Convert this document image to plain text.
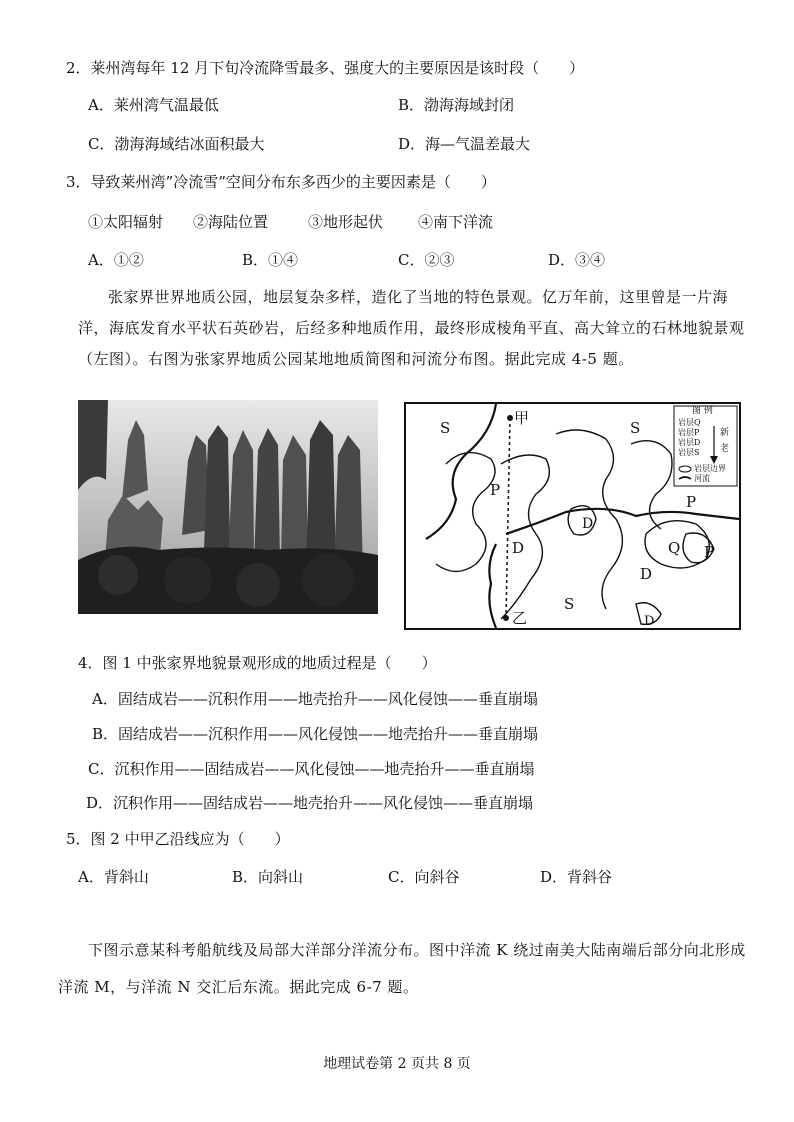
2．莱州湾每年 12 月下旬冷流降雪最多、强度大的主要原因是该时段（　　）
A．莱州湾气温最低	B．渤海海域封闭
C．渤海海域结冰面积最大	D．海—气温差最大
3．导致莱州湾”冷流雪”空间分布东多西少的主要因素是（　　）
①太阳辐射 ②海陆位置	③地形起伏 ④南下洋流
A．①②	B．①④	C．②③	D．③④
张家界世界地质公园，地层复杂多样，造化了当地的特色景观。亿万年前，这里曾是一片海洋，海底发育水平状石英砂岩，后经多种地质作用，最终形成棱角平直、高大耸立的石林地貌景观（左图）。右图为张家界地质公园某地地质简图和河流分布图。据此完成 4-5 题。
图 例
岩层Q
岩层P
岩层D
岩层S
岩层边界
河流
新
老
甲
乙
S	S
P
P
D
D	Q P
D
S
D
4．图 1 中张家界地貌景观形成的地质过程是（　　）
A．固结成岩——沉积作用——地壳抬升——风化侵蚀——垂直崩塌
B．固结成岩——沉积作用——风化侵蚀——地壳抬升——垂直崩塌
C．沉积作用——固结成岩——风化侵蚀——地壳抬升——垂直崩塌
D．沉积作用——固结成岩——地壳抬升——风化侵蚀——垂直崩塌
5．图 2 中甲乙沿线应为（　　）
A．背斜山	B．向斜山	C．向斜谷	D．背斜谷
下图示意某科考船航线及局部大洋部分洋流分布。图中洋流 K 绕过南美大陆南端后部分向北形成洋流 M，与洋流 N 交汇后东流。据此完成 6-7 题。
地理试卷第 2 页共 8 页
